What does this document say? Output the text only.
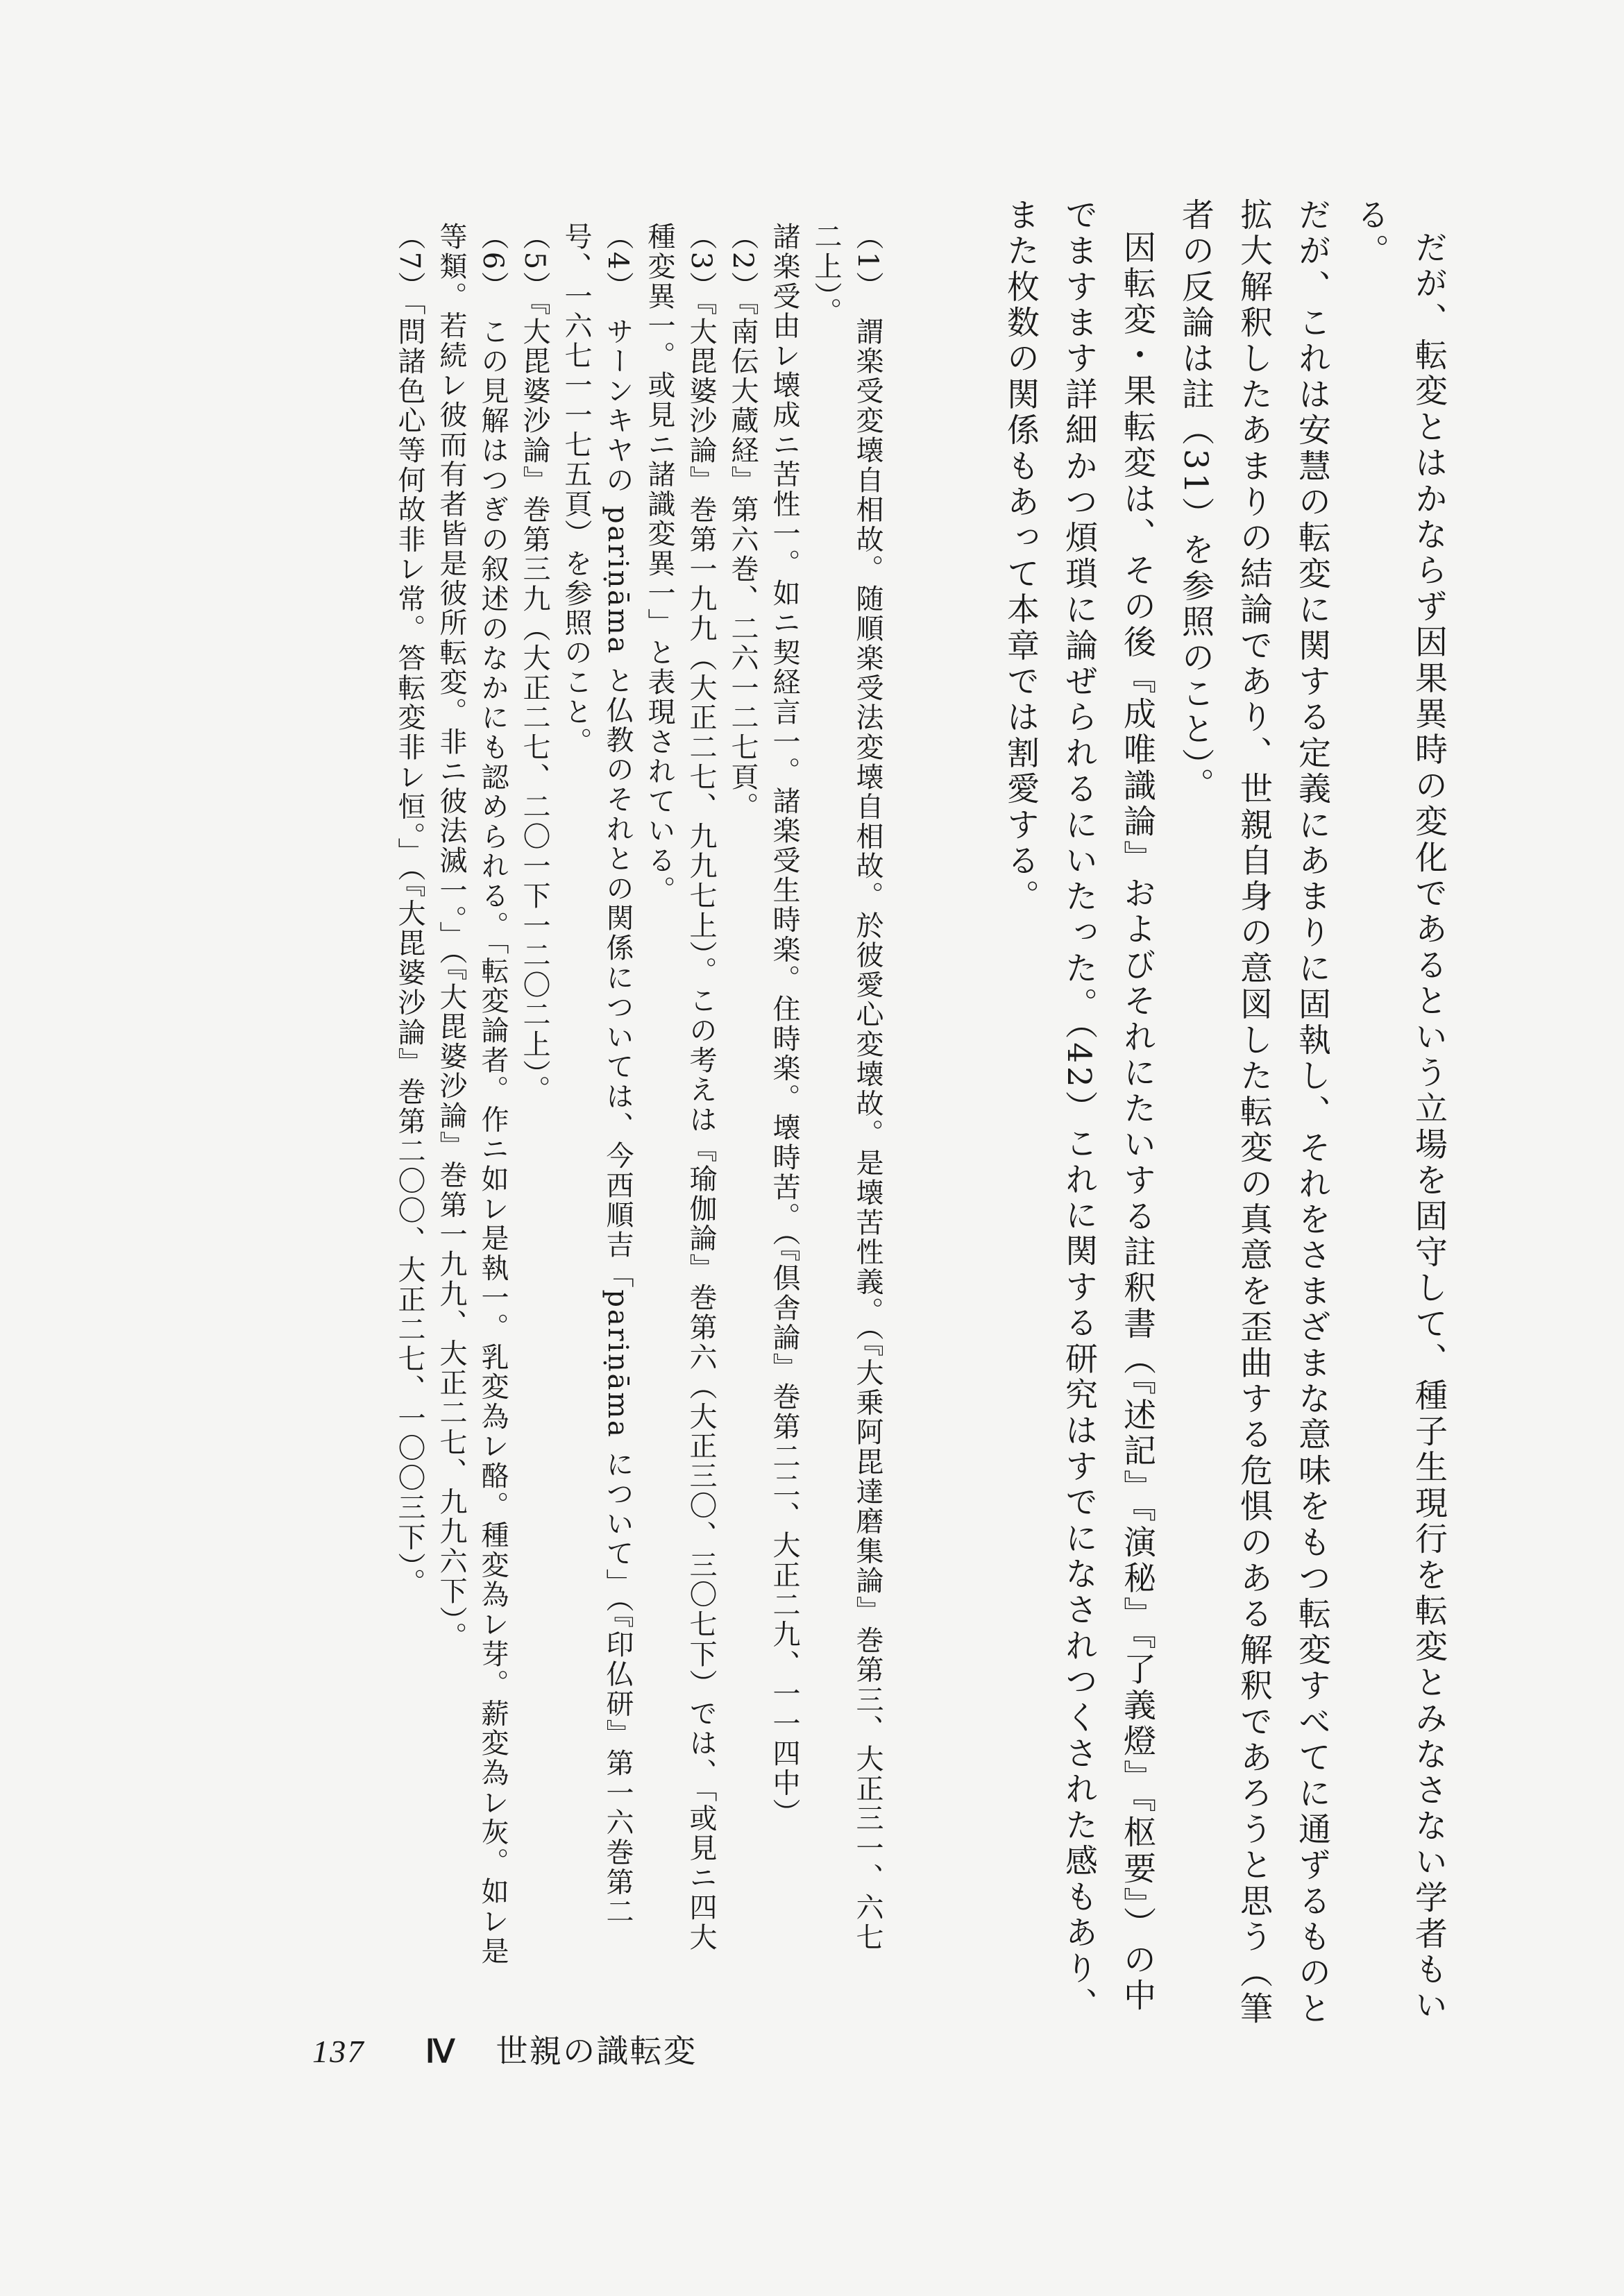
だが、転変とはかならず因果異時の変化であるという立場を固守して、種子生現行を転変とみなさない学者もいる。

だが、これは安慧の転変に関する定義にあまりに固執し、それをさまざまな意味をもつ転変すべてに通ずるものと拡大解釈したあまりの結論であり、世親自身の意図した転変の真意を歪曲する危惧のある解釈であろうと思う（筆者の反論は註（31）を参照のこと）。

因転変・果転変は、その後『成唯識論』およびそれにたいする註釈書（『述記』『演秘』『了義燈』『枢要』）の中でますます詳細かつ煩瑣に論ぜられるにいたった。（42）これに関する研究はすでになされつくされた感もあり、また枚数の関係もあって本章では割愛する。

（1）　謂楽受変壊自相故。随順楽受法変壊自相故。於彼愛心変壊故。是壊苦性義。（『大乗阿毘達磨集論』巻第三、大正三一、六七二上）。

諸楽受由レ壊成ニ苦性一。如ニ契経言一。諸楽受生時楽。住時楽。壊時苦。（『倶舎論』巻第二二、大正二九、一一四中）

（2）『南伝大蔵経』第六巻、二六一二七頁。

（3）『大毘婆沙論』巻第一九九（大正二七、九九七上）。この考えは『瑜伽論』巻第六（大正三〇、三〇七下）では、「或見ニ四大種変異一。或見ニ諸識変異一」と表現されている。

（4）　サーンキヤの pariṇāma と仏教のそれとの関係については、今西順吉「pariṇāma について」（『印仏研』第一六巻第二号、一六七一一七五頁）を参照のこと。

（5）『大毘婆沙論』巻第三九（大正二七、二〇一下一二〇二上）。

（6）　この見解はつぎの叙述のなかにも認められる。「転変論者。作ニ如レ是執一。乳変為レ酪。種変為レ芽。薪変為レ灰。如レ是等類。若続レ彼而有者皆是彼所転変。非ニ彼法滅一。」（『大毘婆沙論』巻第一九九、大正二七、九九六下）。

（7）「問諸色心等何故非レ常。答転変非レ恒。」（『大毘婆沙論』巻第二〇〇、大正二七、一〇〇三下）。

137 Ⅳ 世親の識転変
